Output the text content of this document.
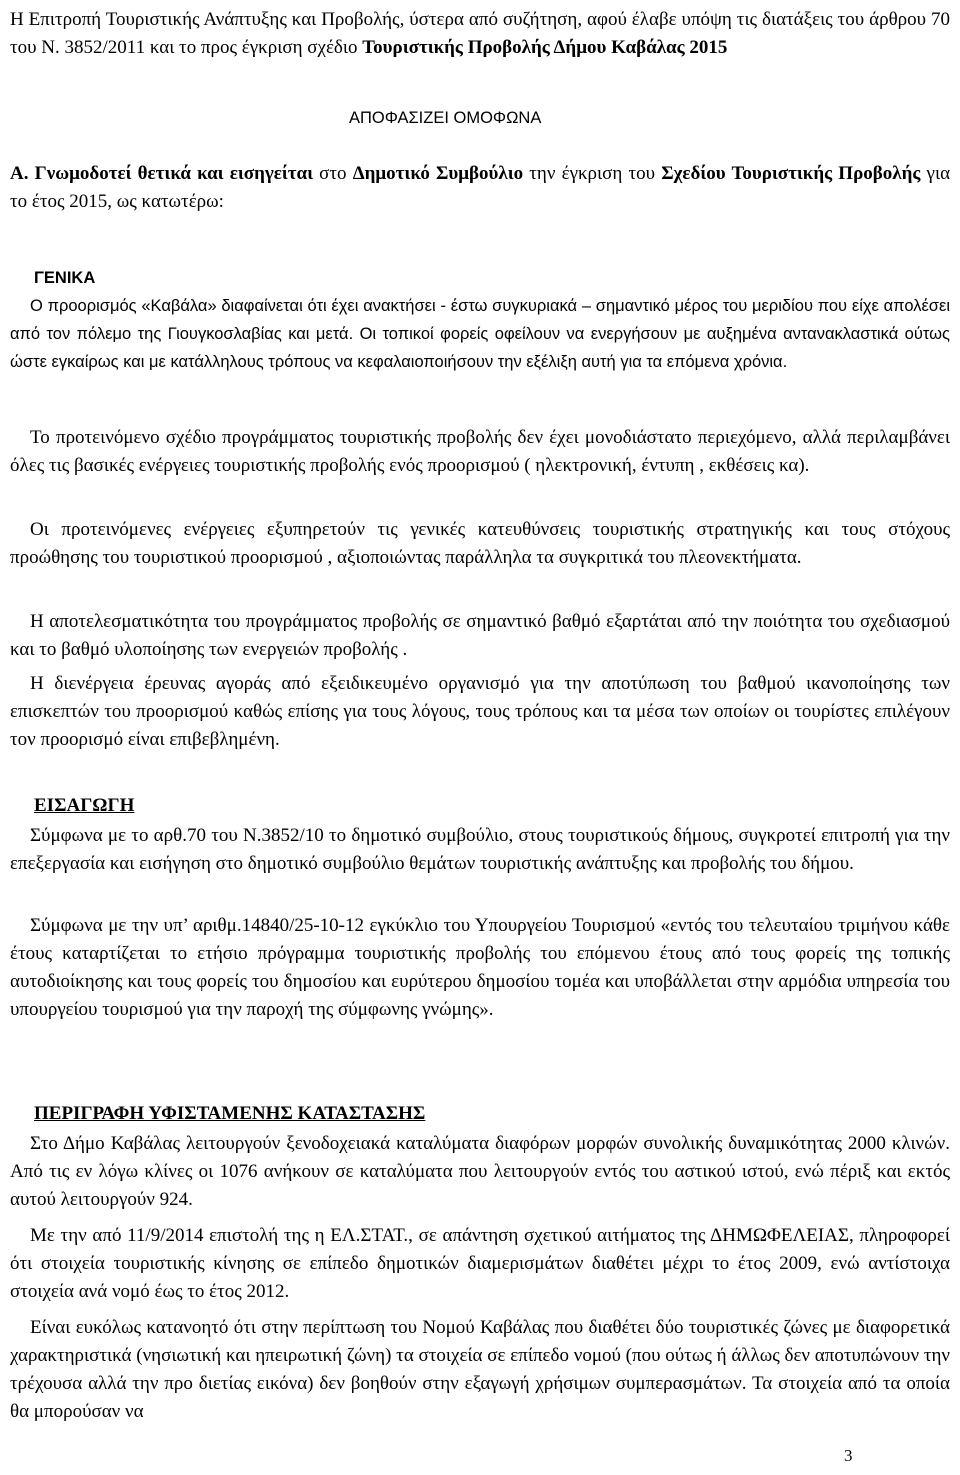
Η Επιτροπή Τουριστικής Ανάπτυξης και Προβολής, ύστερα από συζήτηση, αφού έλαβε υπόψη τις διατάξεις του άρθρου 70 του Ν. 3852/2011 και το προς έγκριση σχέδιο Τουριστικής Προβολής Δήμου Καβάλας 2015

ΑΠΟΦΑΣΙΖΕΙ ΟΜΟΦΩΝΑ

Α. Γνωμοδοτεί θετικά και εισηγείται στο Δημοτικό Συμβούλιο την έγκριση του Σχεδίου Τουριστικής Προβολής για το έτος 2015, ως κατωτέρω:

ΓΕΝΙΚΑ

Ο προορισμός «Καβάλα» διαφαίνεται ότι έχει ανακτήσει - έστω συγκυριακά – σημαντικό μέρος του μεριδίου που είχε απολέσει από τον πόλεμο της Γιουγκοσλαβίας και μετά. Οι τοπικοί φορείς οφείλουν να ενεργήσουν με αυξημένα αντανακλαστικά ούτως ώστε εγκαίρως και με κατάλληλους τρόπους να κεφαλαιοποιήσουν την εξέλιξη αυτή για τα επόμενα χρόνια.

Το προτεινόμενο σχέδιο προγράμματος τουριστικής προβολής δεν έχει μονοδιάστατο περιεχόμενο, αλλά περιλαμβάνει όλες τις βασικές ενέργειες τουριστικής προβολής ενός προορισμού ( ηλεκτρονική, έντυπη , εκθέσεις κα).

Οι προτεινόμενες ενέργειες εξυπηρετούν τις γενικές κατευθύνσεις τουριστικής στρατηγικής και τους στόχους προώθησης του τουριστικού προορισμού , αξιοποιώντας παράλληλα τα συγκριτικά του πλεονεκτήματα.

Η αποτελεσματικότητα του προγράμματος προβολής σε σημαντικό βαθμό εξαρτάται από την ποιότητα του σχεδιασμού και το βαθμό υλοποίησης των ενεργειών προβολής .

Η διενέργεια έρευνας αγοράς από εξειδικευμένο οργανισμό για την αποτύπωση του βαθμού ικανοποίησης των επισκεπτών του προορισμού καθώς επίσης για τους λόγους, τους τρόπους και τα μέσα των οποίων οι τουρίστες επιλέγουν τον προορισμό είναι επιβεβλημένη.

ΕΙΣΑΓΩΓΗ

Σύμφωνα με το αρθ.70 του Ν.3852/10 το δημοτικό συμβούλιο, στους τουριστικούς δήμους, συγκροτεί επιτροπή για την επεξεργασία και εισήγηση στο δημοτικό συμβούλιο θεμάτων τουριστικής ανάπτυξης και προβολής του δήμου.

Σύμφωνα με την υπ’ αριθμ.14840/25-10-12 εγκύκλιο του Υπουργείου Τουρισμού «εντός του τελευταίου τριμήνου κάθε έτους καταρτίζεται το ετήσιο πρόγραμμα τουριστικής προβολής του επόμενου έτους από τους φορείς της τοπικής αυτοδιοίκησης και τους φορείς του δημοσίου και ευρύτερου δημοσίου τομέα και υποβάλλεται στην αρμόδια υπηρεσία του υπουργείου τουρισμού για την παροχή της σύμφωνης γνώμης».

ΠΕΡΙΓΡΑΦΗ ΥΦΙΣΤΑΜΕΝΗΣ ΚΑΤΑΣΤΑΣΗΣ

Στο Δήμο Καβάλας λειτουργούν ξενοδοχειακά καταλύματα διαφόρων μορφών συνολικής δυναμικότητας 2000 κλινών. Από τις εν λόγω κλίνες οι 1076 ανήκουν σε καταλύματα που λειτουργούν εντός του αστικού ιστού, ενώ πέριξ και εκτός αυτού λειτουργούν 924.

Με την από 11/9/2014 επιστολή της η ΕΛ.ΣΤΑΤ., σε απάντηση σχετικού αιτήματος της ΔΗΜΩΦΕΛΕΙΑΣ, πληροφορεί ότι στοιχεία τουριστικής κίνησης σε επίπεδο δημοτικών διαμερισμάτων διαθέτει μέχρι το έτος 2009, ενώ αντίστοιχα στοιχεία ανά νομό έως το έτος 2012.

Είναι ευκόλως κατανοητό ότι στην περίπτωση του Νομού Καβάλας που διαθέτει δύο τουριστικές ζώνες με διαφορετικά χαρακτηριστικά (νησιωτική και ηπειρωτική ζώνη) τα στοιχεία σε επίπεδο νομού (που ούτως ή άλλως δεν αποτυπώνουν την τρέχουσα αλλά την προ διετίας εικόνα) δεν βοηθούν στην εξαγωγή χρήσιμων συμπερασμάτων. Τα στοιχεία από τα οποία θα μπορούσαν να

3
